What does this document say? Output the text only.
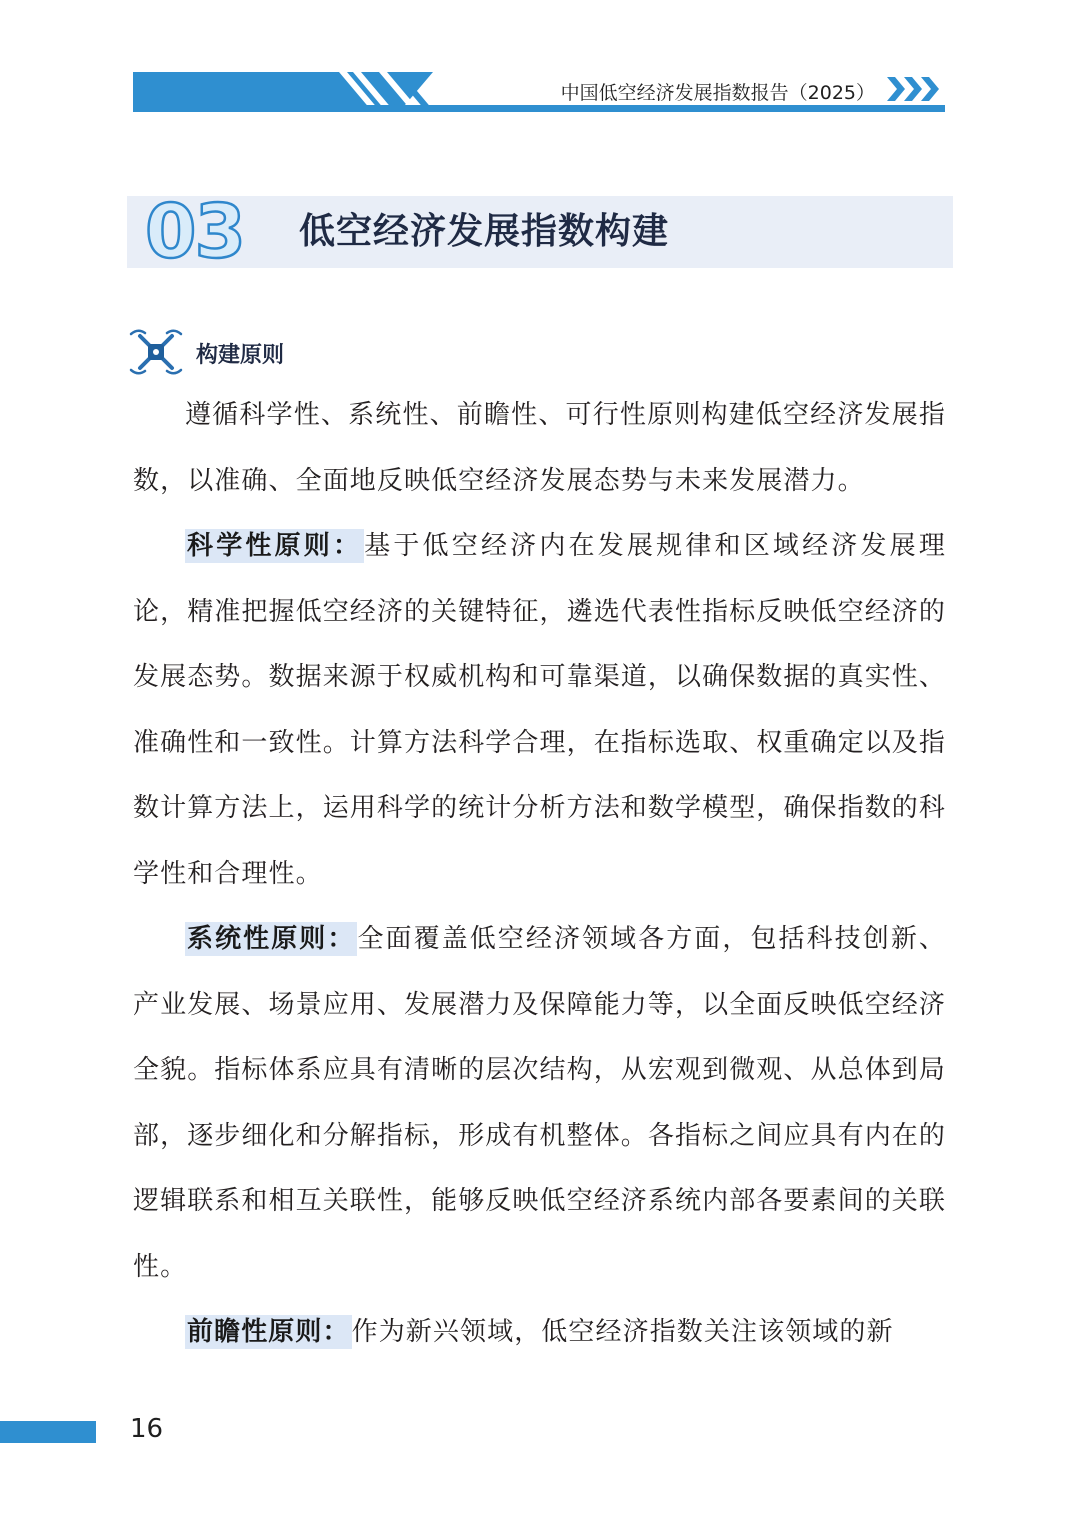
中国低空经济发展指数报告（2025）
03 低空经济发展指数构建
构建原则

遵循科学性、系统性、前瞻性、可行性原则构建低空经济发展指数，以准确、全面地反映低空经济发展态势与未来发展潜力。

科学性原则：基于低空经济内在发展规律和区域经济发展理论，精准把握低空经济的关键特征，遴选代表性指标反映低空经济的发展态势。数据来源于权威机构和可靠渠道，以确保数据的真实性、准确性和一致性。计算方法科学合理，在指标选取、权重确定以及指数计算方法上，运用科学的统计分析方法和数学模型，确保指数的科学性和合理性。

系统性原则：全面覆盖低空经济领域各方面，包括科技创新、产业发展、场景应用、发展潜力及保障能力等，以全面反映低空经济全貌。指标体系应具有清晰的层次结构，从宏观到微观、从总体到局部，逐步细化和分解指标，形成有机整体。各指标之间应具有内在的逻辑联系和相互关联性，能够反映低空经济系统内部各要素间的关联性。

前瞻性原则：作为新兴领域，低空经济指数关注该领域的新

16
